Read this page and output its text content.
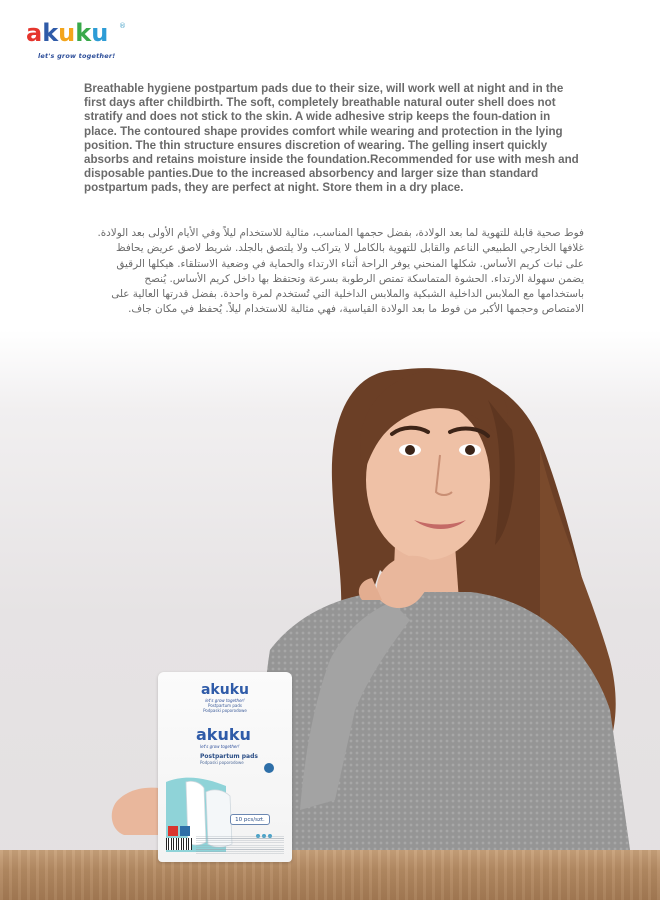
akuku	®
let's grow together!

Breathable hygiene postpartum pads due to their size, will work well at night and in the first days after childbirth. The soft, completely breathable natural outer shell does not stratify and does not stick to the skin. A wide adhesive strip keeps the foun-dation in place. The contoured shape provides comfort while wearing and protection in the lying position. The thin structure ensures discretion of wearing. The gelling insert quickly absorbs and retains moisture inside the foundation.Recommended for use with mesh and disposable panties.Due to the increased absorbency and larger size than standard postpartum pads, they are perfect at night. Store them in a dry place.

فوط صحية قابلة للتهوية لما بعد الولادة، بفضل حجمها المناسب، مثالية للاستخدام ليلاً وفي الأيام الأولى بعد الولادة. غلافها الخارجي الطبيعي الناعم والقابل للتهوية بالكامل لا يتراكب ولا يلتصق بالجلد. شريط لاصق عريض يحافظ على ثبات كريم الأساس. شكلها المنحني يوفر الراحة أثناء الارتداء والحماية في وضعية الاستلقاء. هيكلها الرقيق يضمن سهولة الارتداء. الحشوة المتماسكة تمتص الرطوبة بسرعة وتحتفظ بها داخل كريم الأساس. يُنصح باستخدامها مع الملابس الداخلية الشبكية والملابس الداخلية التي تُستخدم لمرة واحدة. بفضل قدرتها العالية على الامتصاص وحجمها الأكبر من فوط ما بعد الولادة القياسية، فهي مثالية للاستخدام ليلاً. يُحفظ في مكان جاف.

akuku
let's grow together!
Postpartum pads
Podpaski poporodowe
akuku
let's grow together!
Postpartum pads
Podpaski poporodowe
10 pcs/szt.
